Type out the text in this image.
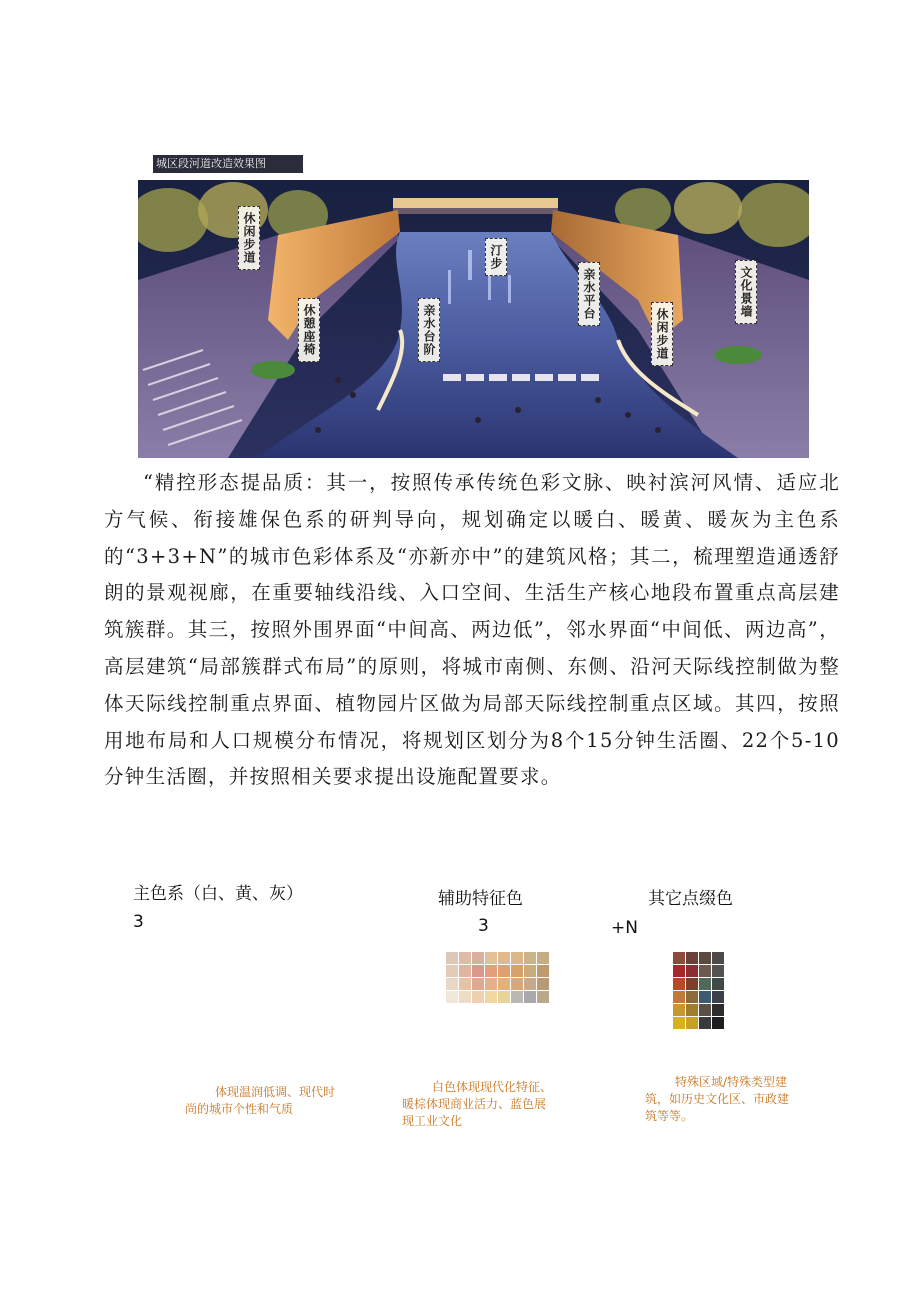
城区段河道改造效果图
休闲步道
休憩座椅	亲水台阶
汀步
亲水平台
休闲步道
文化景墙

“精控形态提品质：其一，按照传承传统色彩文脉、映衬滨河风情、适应北方气候、衔接雄保色系的研判导向，规划确定以暖白、暖黄、暖灰为主色系的“3+3+N”的城市色彩体系及“亦新亦中”的建筑风格；其二，梳理塑造通透舒朗的景观视廊，在重要轴线沿线、入口空间、生活生产核心地段布置重点高层建筑簇群。其三，按照外围界面“中间高、两边低”，邻水界面“中间低、两边高”，高层建筑“局部簇群式布局”的原则，将城市南侧、东侧、沿河天际线控制做为整体天际线控制重点界面、植物园片区做为局部天际线控制重点区域。其四，按照用地布局和人口规模分布情况，将规划区划分为8个15分钟生活圈、22个5-10分钟生活圈，并按照相关要求提出设施配置要求。

主色系（白、黄、灰）3
辅助特征色	其它点缀色
3	+N
体现温润低调、现代时尚的城市个性和气质
白色体现现代化特征、暖棕体现商业活力、蓝色展现工业文化
特殊区域/特殊类型建筑，如历史文化区、市政建筑等等。
